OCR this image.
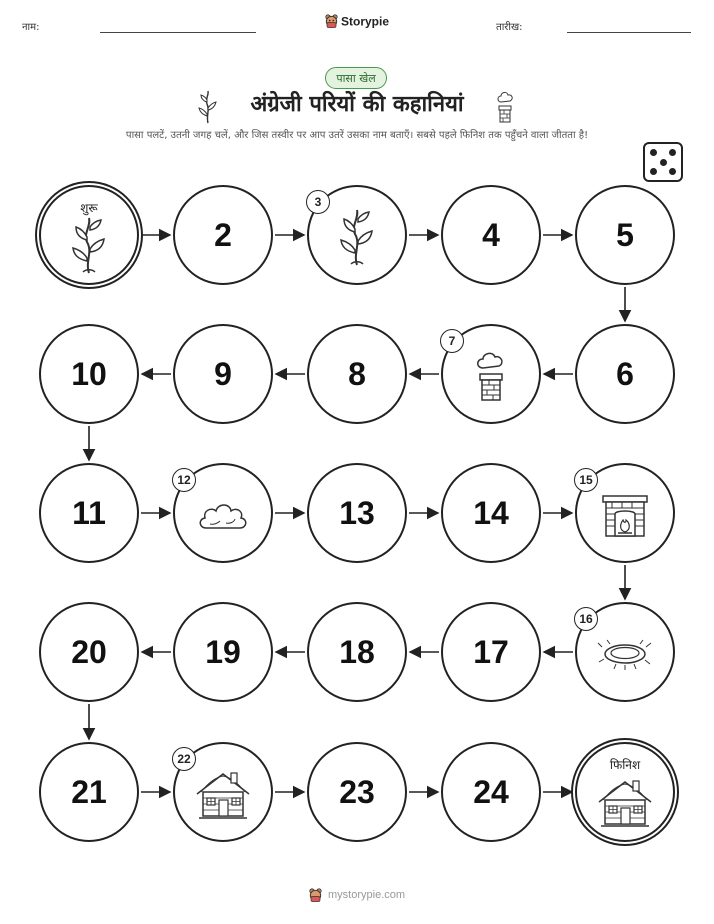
नाम:	Storypie	तारीख:
पासा खेल
अंग्रेजी परियों की कहानियां
पासा पलटें, उतनी जगह चलें, और जिस तस्वीर पर आप उतरें उसका नाम बताएँ। सबसे पहले फिनिश तक पहुँचने वाला जीतता है!
शुरू
2
3
4	5
6
7
8
9
10
11
12
13	14
15
16
17
18
19
20
21
22
23	24
फिनिश
mystorypie.com
